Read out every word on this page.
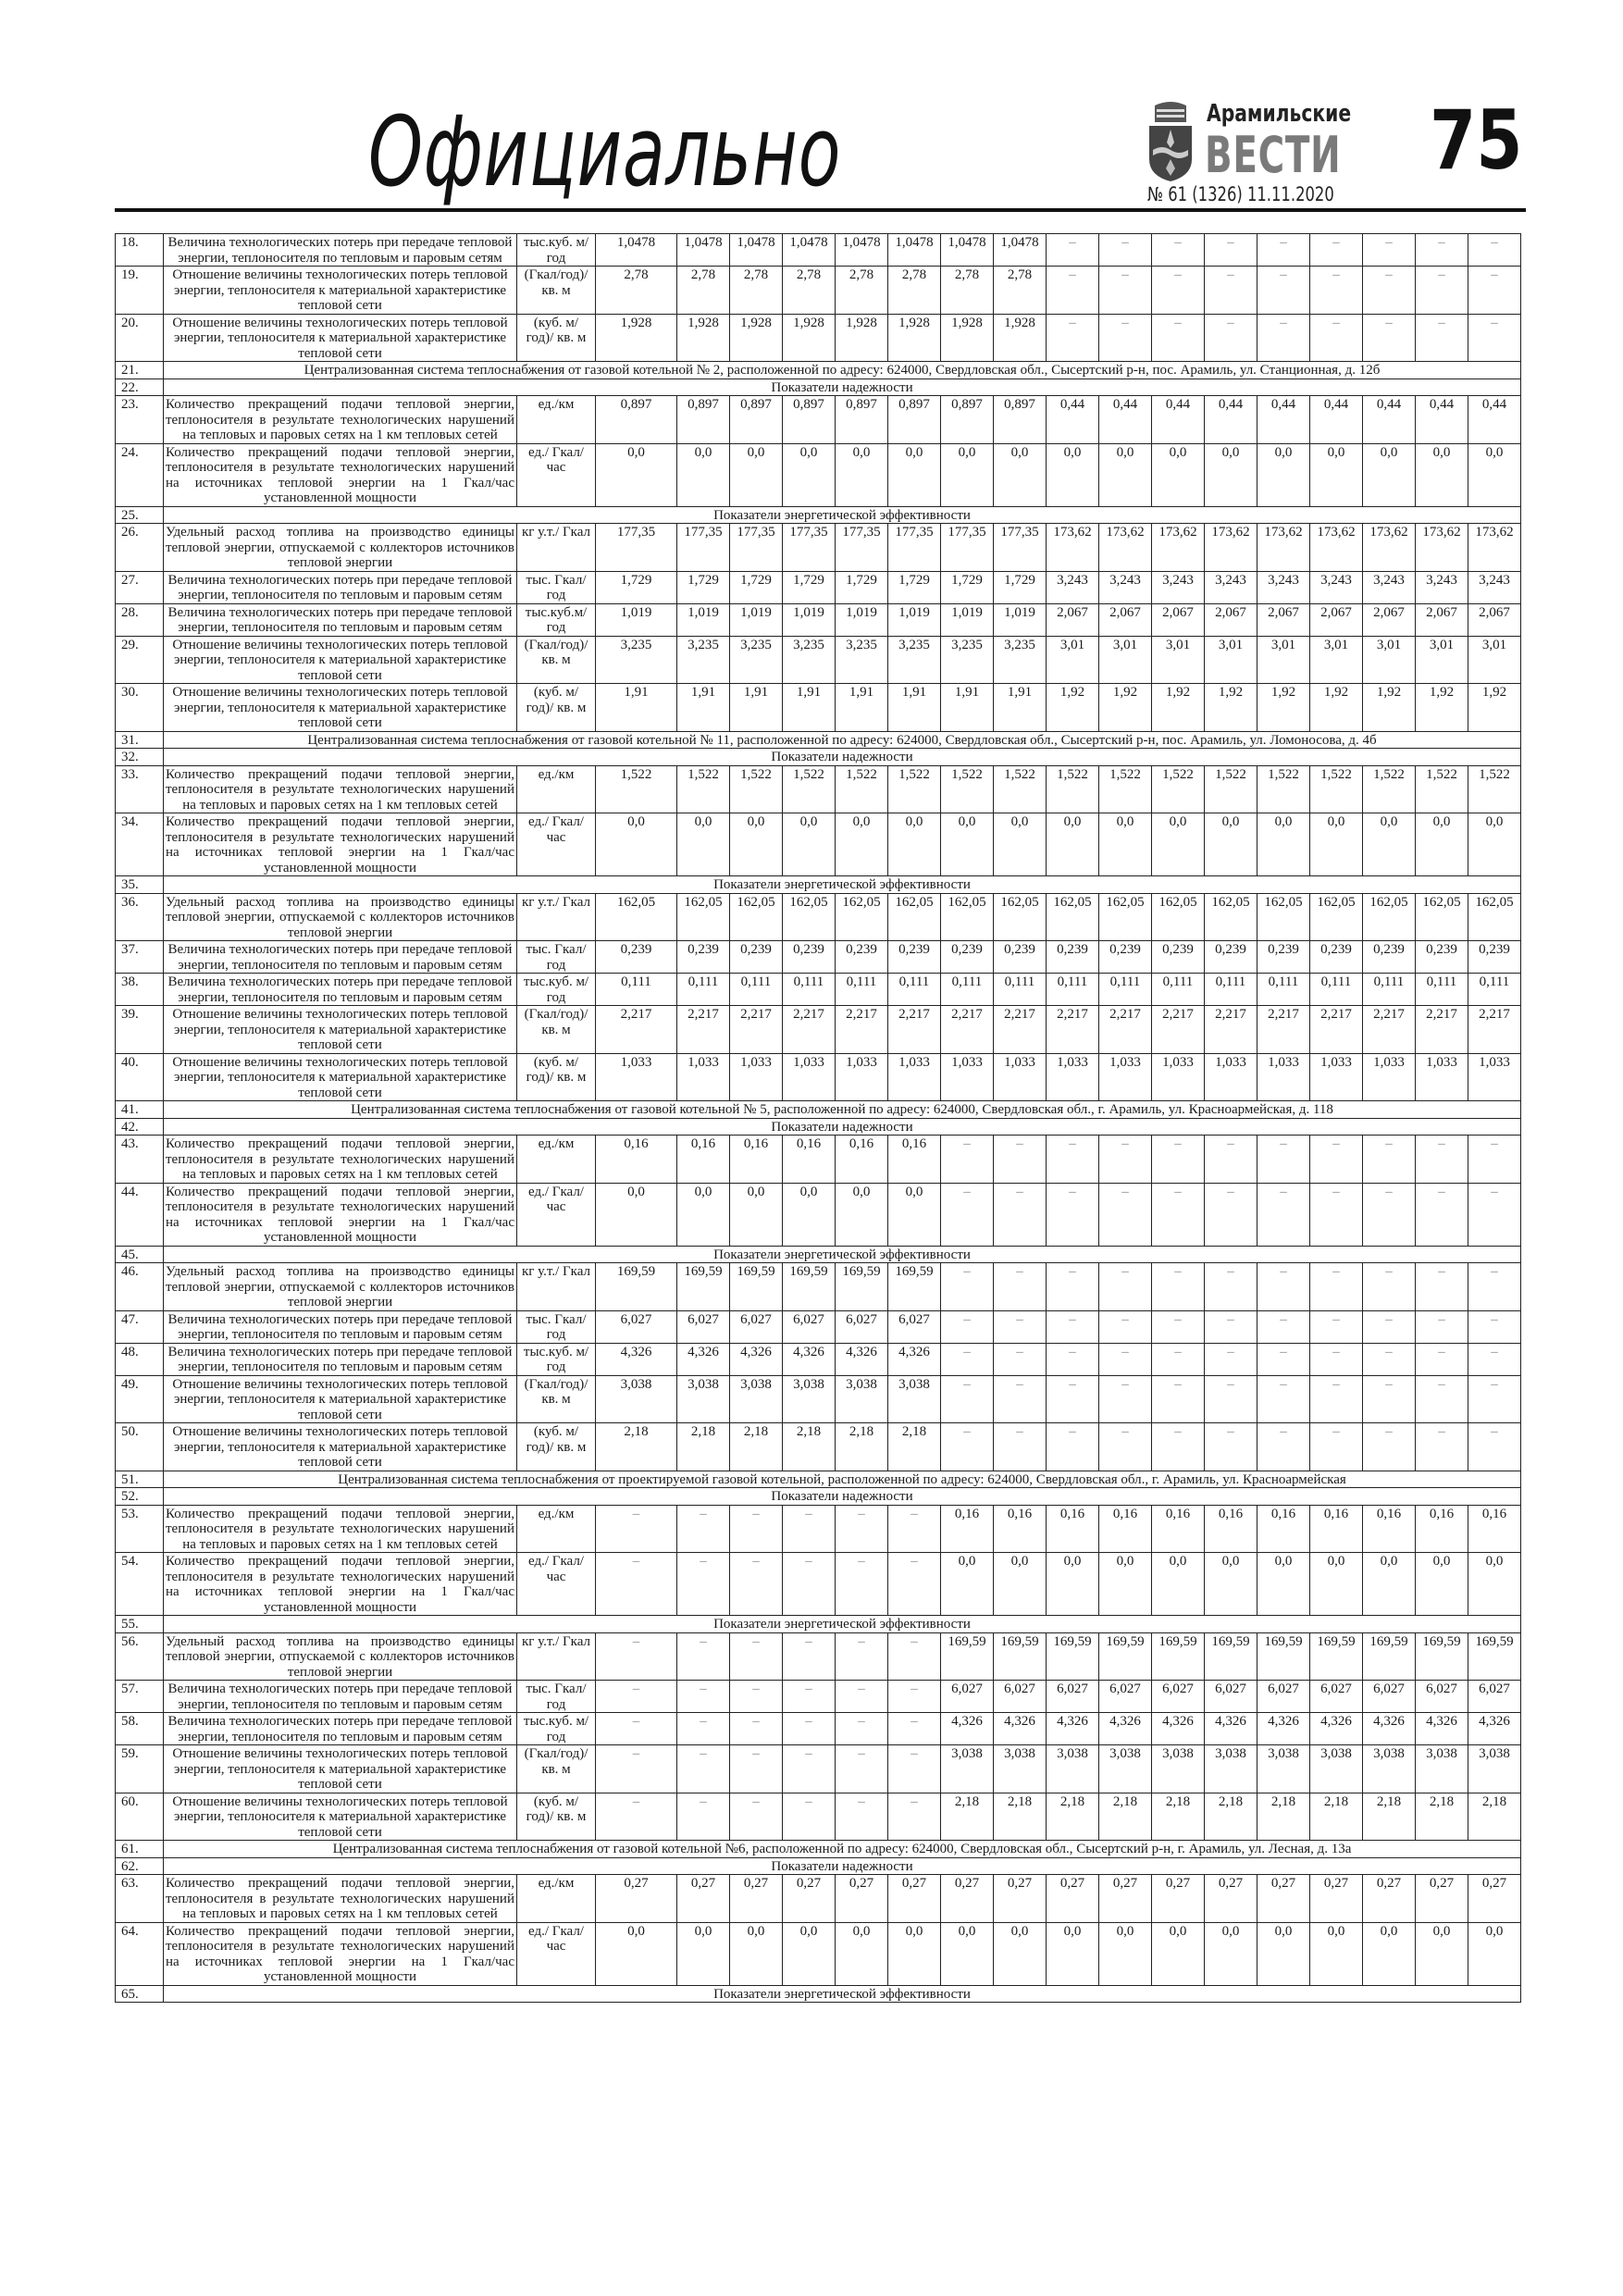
Официально	Арамильские
ВЕСТИ
№ 61 (1326) 11.11.2020
75
18.	Величина технологических потерь при передаче тепловой энергии, теплоносителя по тепловым и паровым сетям	тыс.куб. м/ год	1,0478	1,0478	1,0478	1,0478	1,0478	1,0478	1,0478	1,0478	–	–	–	–	–	–	–	–	–
19.	Отношение величины технологических потерь тепловой энергии, теплоносителя к материальной характеристике тепловой сети	(Гкал/год)/ кв. м	2,78	2,78	2,78	2,78	2,78	2,78	2,78	2,78	–	–	–	–	–	–	–	–	–
20.	Отношение величины технологических потерь тепловой энергии, теплоносителя к материальной характеристике тепловой сети	(куб. м/ год)/ кв. м	1,928	1,928	1,928	1,928	1,928	1,928	1,928	1,928	–	–	–	–	–	–	–	–	–
21.	Централизованная система теплоснабжения от газовой котельной № 2, расположенной по адресу: 624000, Свердловская обл., Сысертский р-н, пос. Арамиль, ул. Станционная, д. 12б																		
22.	Показатели надежности																		
23.	Количество прекращений подачи тепловой энергии, теплоносителя в результате технологических нарушений на тепловых и паровых сетях на 1 км тепловых сетей	ед./км	0,897	0,897	0,897	0,897	0,897	0,897	0,897	0,897	0,44	0,44	0,44	0,44	0,44	0,44	0,44	0,44	0,44
24.	Количество прекращений подачи тепловой энергии, теплоносителя в результате технологических нарушений на источниках тепловой энергии на 1 Гкал/час установленной мощности	ед./ Гкал/час	0,0	0,0	0,0	0,0	0,0	0,0	0,0	0,0	0,0	0,0	0,0	0,0	0,0	0,0	0,0	0,0	0,0
25.	Показатели энергетической эффективности																		
26.	Удельный расход топлива на производство единицы тепловой энергии, отпускаемой с коллекторов источников тепловой энергии	кг у.т./ Гкал	177,35	177,35	177,35	177,35	177,35	177,35	177,35	177,35	173,62	173,62	173,62	173,62	173,62	173,62	173,62	173,62	173,62
27.	Величина технологических потерь при передаче тепловой энергии, теплоносителя по тепловым и паровым сетям	тыс. Гкал/ год	1,729	1,729	1,729	1,729	1,729	1,729	1,729	1,729	3,243	3,243	3,243	3,243	3,243	3,243	3,243	3,243	3,243
28.	Величина технологических потерь при передаче тепловой энергии, теплоносителя по тепловым и паровым сетям	тыс.куб.м/ год	1,019	1,019	1,019	1,019	1,019	1,019	1,019	1,019	2,067	2,067	2,067	2,067	2,067	2,067	2,067	2,067	2,067
29.	Отношение величины технологических потерь тепловой энергии, теплоносителя к материальной характеристике тепловой сети	(Гкал/год)/ кв. м	3,235	3,235	3,235	3,235	3,235	3,235	3,235	3,235	3,01	3,01	3,01	3,01	3,01	3,01	3,01	3,01	3,01
30.	Отношение величины технологических потерь тепловой энергии, теплоносителя к материальной характеристике тепловой сети	(куб. м/ год)/ кв. м	1,91	1,91	1,91	1,91	1,91	1,91	1,91	1,91	1,92	1,92	1,92	1,92	1,92	1,92	1,92	1,92	1,92
31.	Централизованная система теплоснабжения от газовой котельной № 11, расположенной по адресу: 624000, Свердловская обл., Сысертский р-н, пос. Арамиль, ул. Ломоносова, д. 4б																		
32.	Показатели надежности																		
33.	Количество прекращений подачи тепловой энергии, теплоносителя в результате технологических нарушений на тепловых и паровых сетях на 1 км тепловых сетей	ед./км	1,522	1,522	1,522	1,522	1,522	1,522	1,522	1,522	1,522	1,522	1,522	1,522	1,522	1,522	1,522	1,522	1,522
34.	Количество прекращений подачи тепловой энергии, теплоносителя в результате технологических нарушений на источниках тепловой энергии на 1 Гкал/час установленной мощности	ед./ Гкал/час	0,0	0,0	0,0	0,0	0,0	0,0	0,0	0,0	0,0	0,0	0,0	0,0	0,0	0,0	0,0	0,0	0,0
35.	Показатели энергетической эффективности																		
36.	Удельный расход топлива на производство единицы тепловой энергии, отпускаемой с коллекторов источников тепловой энергии	кг у.т./ Гкал	162,05	162,05	162,05	162,05	162,05	162,05	162,05	162,05	162,05	162,05	162,05	162,05	162,05	162,05	162,05	162,05	162,05
37.	Величина технологических потерь при передаче тепловой энергии, теплоносителя по тепловым и паровым сетям	тыс. Гкал/ год	0,239	0,239	0,239	0,239	0,239	0,239	0,239	0,239	0,239	0,239	0,239	0,239	0,239	0,239	0,239	0,239	0,239
38.	Величина технологических потерь при передаче тепловой энергии, теплоносителя по тепловым и паровым сетям	тыс.куб. м/ год	0,111	0,111	0,111	0,111	0,111	0,111	0,111	0,111	0,111	0,111	0,111	0,111	0,111	0,111	0,111	0,111	0,111
39.	Отношение величины технологических потерь тепловой энергии, теплоносителя к материальной характеристике тепловой сети	(Гкал/год)/ кв. м	2,217	2,217	2,217	2,217	2,217	2,217	2,217	2,217	2,217	2,217	2,217	2,217	2,217	2,217	2,217	2,217	2,217
40.	Отношение величины технологических потерь тепловой энергии, теплоносителя к материальной характеристике тепловой сети	(куб. м/ год)/ кв. м	1,033	1,033	1,033	1,033	1,033	1,033	1,033	1,033	1,033	1,033	1,033	1,033	1,033	1,033	1,033	1,033	1,033
41.	Централизованная система теплоснабжения от газовой котельной № 5, расположенной по адресу: 624000, Свердловская обл., г. Арамиль, ул. Красноармейская, д. 118																		
42.	Показатели надежности																		
43.	Количество прекращений подачи тепловой энергии, теплоносителя в результате технологических нарушений на тепловых и паровых сетях на 1 км тепловых сетей	ед./км	0,16	0,16	0,16	0,16	0,16	0,16	–	–	–	–	–	–	–	–	–	–	–
44.	Количество прекращений подачи тепловой энергии, теплоносителя в результате технологических нарушений на источниках тепловой энергии на 1 Гкал/час установленной мощности	ед./ Гкал/час	0,0	0,0	0,0	0,0	0,0	0,0	–	–	–	–	–	–	–	–	–	–	–
45.	Показатели энергетической эффективности																		
46.	Удельный расход топлива на производство единицы тепловой энергии, отпускаемой с коллекторов источников тепловой энергии	кг у.т./ Гкал	169,59	169,59	169,59	169,59	169,59	169,59	–	–	–	–	–	–	–	–	–	–	–
47.	Величина технологических потерь при передаче тепловой энергии, теплоносителя по тепловым и паровым сетям	тыс. Гкал/ год	6,027	6,027	6,027	6,027	6,027	6,027	–	–	–	–	–	–	–	–	–	–	–
48.	Величина технологических потерь при передаче тепловой энергии, теплоносителя по тепловым и паровым сетям	тыс.куб. м/ год	4,326	4,326	4,326	4,326	4,326	4,326	–	–	–	–	–	–	–	–	–	–	–
49.	Отношение величины технологических потерь тепловой энергии, теплоносителя к материальной характеристике тепловой сети	(Гкал/год)/ кв. м	3,038	3,038	3,038	3,038	3,038	3,038	–	–	–	–	–	–	–	–	–	–	–
50.	Отношение величины технологических потерь тепловой энергии, теплоносителя к материальной характеристике тепловой сети	(куб. м/ год)/ кв. м	2,18	2,18	2,18	2,18	2,18	2,18	–	–	–	–	–	–	–	–	–	–	–
51.	Централизованная система теплоснабжения от проектируемой газовой котельной, расположенной по адресу: 624000, Свердловская обл., г. Арамиль, ул. Красноармейская																		
52.	Показатели надежности																		
53.	Количество прекращений подачи тепловой энергии, теплоносителя в результате технологических нарушений на тепловых и паровых сетях на 1 км тепловых сетей	ед./км	–	–	–	–	–	–	0,16	0,16	0,16	0,16	0,16	0,16	0,16	0,16	0,16	0,16	0,16
54.	Количество прекращений подачи тепловой энергии, теплоносителя в результате технологических нарушений на источниках тепловой энергии на 1 Гкал/час установленной мощности	ед./ Гкал/час	–	–	–	–	–	–	0,0	0,0	0,0	0,0	0,0	0,0	0,0	0,0	0,0	0,0	0,0
55.	Показатели энергетической эффективности																		
56.	Удельный расход топлива на производство единицы тепловой энергии, отпускаемой с коллекторов источников тепловой энергии	кг у.т./ Гкал	–	–	–	–	–	–	169,59	169,59	169,59	169,59	169,59	169,59	169,59	169,59	169,59	169,59	169,59
57.	Величина технологических потерь при передаче тепловой энергии, теплоносителя по тепловым и паровым сетям	тыс. Гкал/ год	–	–	–	–	–	–	6,027	6,027	6,027	6,027	6,027	6,027	6,027	6,027	6,027	6,027	6,027
58.	Величина технологических потерь при передаче тепловой энергии, теплоносителя по тепловым и паровым сетям	тыс.куб. м/ год	–	–	–	–	–	–	4,326	4,326	4,326	4,326	4,326	4,326	4,326	4,326	4,326	4,326	4,326
59.	Отношение величины технологических потерь тепловой энергии, теплоносителя к материальной характеристике тепловой сети	(Гкал/год)/ кв. м	–	–	–	–	–	–	3,038	3,038	3,038	3,038	3,038	3,038	3,038	3,038	3,038	3,038	3,038
60.	Отношение величины технологических потерь тепловой энергии, теплоносителя к материальной характеристике тепловой сети	(куб. м/ год)/ кв. м	–	–	–	–	–	–	2,18	2,18	2,18	2,18	2,18	2,18	2,18	2,18	2,18	2,18	2,18
61.	Централизованная система теплоснабжения от газовой котельной №6, расположенной по адресу: 624000, Свердловская обл., Сысертский р-н, г. Арамиль, ул. Лесная, д. 13а																		
62.	Показатели надежности																		
63.	Количество прекращений подачи тепловой энергии, теплоносителя в результате технологических нарушений на тепловых и паровых сетях на 1 км тепловых сетей	ед./км	0,27	0,27	0,27	0,27	0,27	0,27	0,27	0,27	0,27	0,27	0,27	0,27	0,27	0,27	0,27	0,27	0,27
64.	Количество прекращений подачи тепловой энергии, теплоносителя в результате технологических нарушений на источниках тепловой энергии на 1 Гкал/час установленной мощности	ед./ Гкал/час	0,0	0,0	0,0	0,0	0,0	0,0	0,0	0,0	0,0	0,0	0,0	0,0	0,0	0,0	0,0	0,0	0,0
65.	Показатели энергетической эффективности																		
